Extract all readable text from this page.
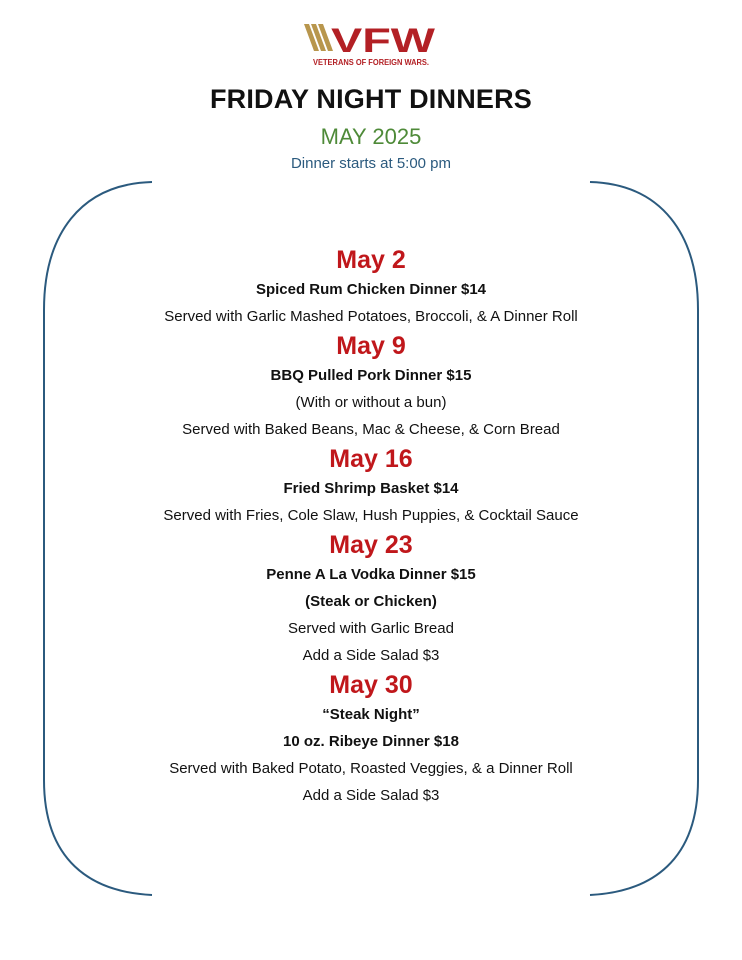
VFW
VETERANS OF FOREIGN WARS.
FRIDAY NIGHT DINNERS
MAY 2025
Dinner starts at 5:00 pm
May 2
Spiced Rum Chicken Dinner $14
Served with Garlic Mashed Potatoes, Broccoli, & A Dinner Roll
May 9
BBQ Pulled Pork Dinner $15
(With or without a bun)
Served with Baked Beans, Mac & Cheese, & Corn Bread
May 16
Fried Shrimp Basket $14
Served with Fries, Cole Slaw, Hush Puppies, & Cocktail Sauce
May 23
Penne A La Vodka Dinner $15
(Steak or Chicken)
Served with Garlic Bread
Add a Side Salad $3
May 30
“Steak Night”
10 oz. Ribeye Dinner $18
Served with Baked Potato, Roasted Veggies, & a Dinner Roll
Add a Side Salad $3
